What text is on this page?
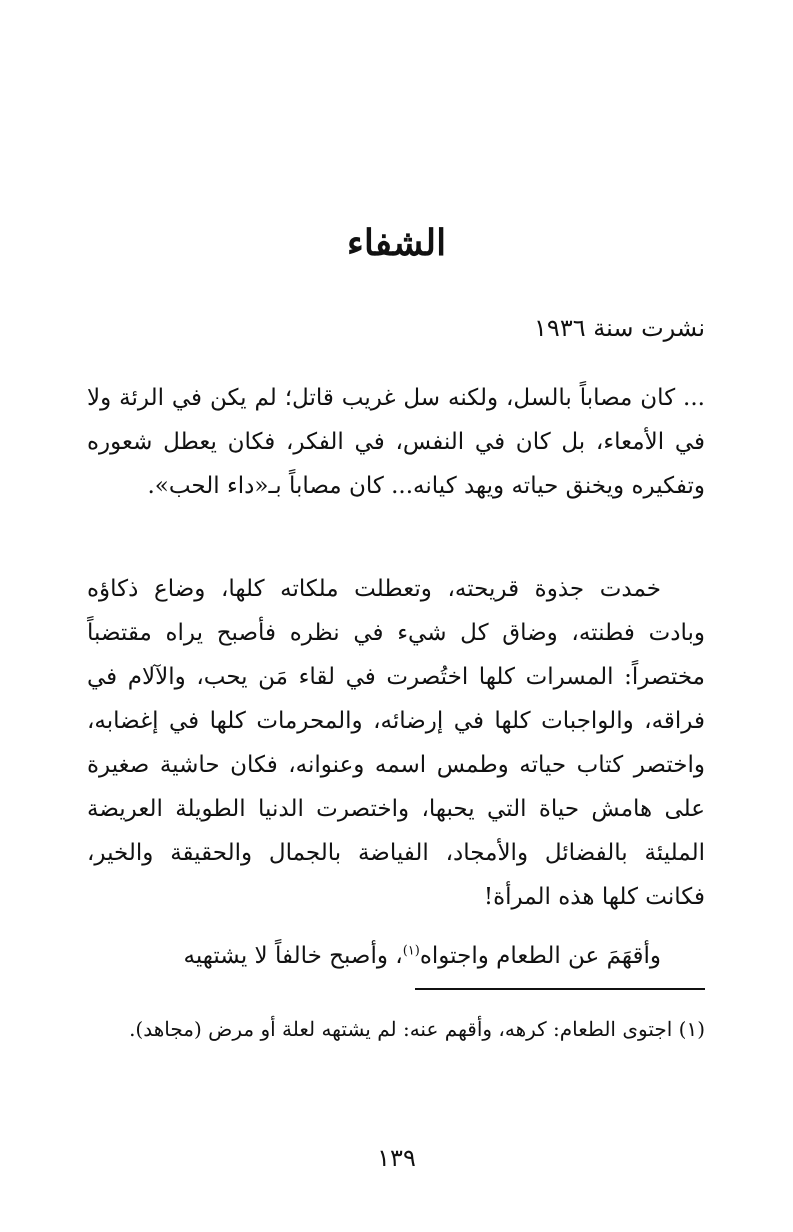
الشفاء

نشرت سنة ١٩٣٦

... كان مصاباً بالسل، ولكنه سل غريب قاتل؛ لم يكن في الرئة ولا في الأمعاء، بل كان في النفس، في الفكر، فكان يعطل شعوره وتفكيره ويخنق حياته ويهد كيانه... كان مصاباً بـ«داء الحب».

خمدت جذوة قريحته، وتعطلت ملكاته كلها، وضاع ذكاؤه وبادت فطنته، وضاق كل شيء في نظره فأصبح يراه مقتضباً مختصراً: المسرات كلها اختُصرت في لقاء مَن يحب، والآلام في فراقه، والواجبات كلها في إرضائه، والمحرمات كلها في إغضابه، واختصر كتاب حياته وطمس اسمه وعنوانه، فكان حاشية صغيرة على هامش حياة التي يحبها، واختصرت الدنيا الطويلة العريضة المليئة بالفضائل والأمجاد، الفياضة بالجمال والحقيقة والخير، فكانت كلها هذه المرأة!

وأقهَمَ عن الطعام واجتواه$^{(١)}$، وأصبح خالفاً لا يشتهيه

(١) اجتوى الطعام: كرهه، وأقهم عنه: لم يشتهه لعلة أو مرض (مجاهد).

١٣٩
